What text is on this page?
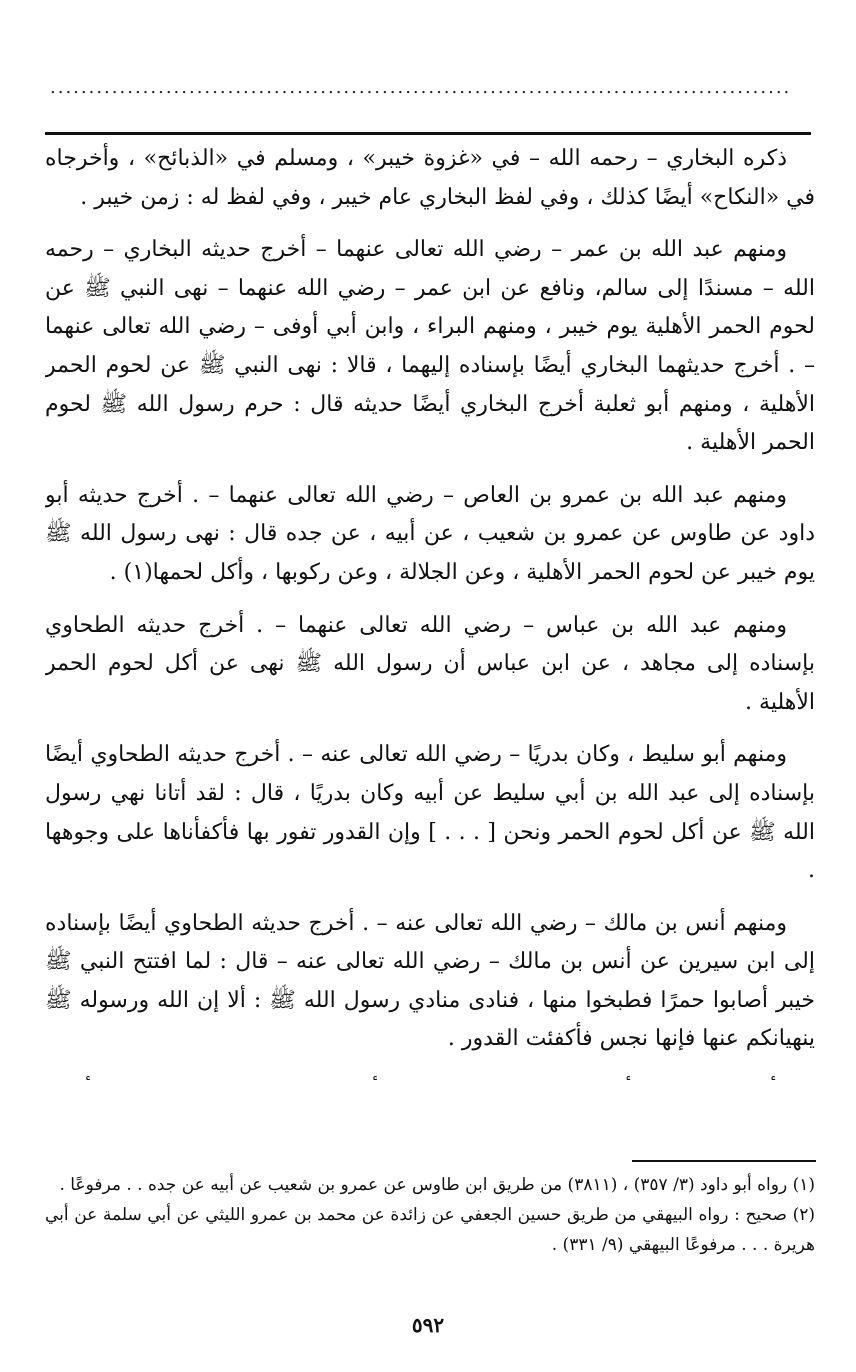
................................................................................................

ذكره البخاري – رحمه الله – في «غزوة خيبر» ، ومسلم في «الذبائح» ، وأخرجاه في «النكاح» أيضًا كذلك ، وفي لفظ البخاري عام خيبر ، وفي لفظ له : زمن خيبر .

ومنهم عبد الله بن عمر – رضي الله تعالى عنهما – أخرج حديثه البخاري – رحمه الله – مسندًا إلى سالم، ونافع عن ابن عمر – رضي الله عنهما – نهى النبي ﷺ عن لحوم الحمر الأهلية يوم خيبر ، ومنهم البراء ، وابن أبي أوفى – رضي الله تعالى عنهما – . أخرج حديثهما البخاري أيضًا بإسناده إليهما ، قالا : نهى النبي ﷺ عن لحوم الحمر الأهلية ، ومنهم أبو ثعلبة أخرج البخاري أيضًا حديثه قال : حرم رسول الله ﷺ لحوم الحمر الأهلية .

ومنهم عبد الله بن عمرو بن العاص – رضي الله تعالى عنهما – . أخرج حديثه أبو داود عن طاوس عن عمرو بن شعيب ، عن أبيه ، عن جده قال : نهى رسول الله ﷺ يوم خيبر عن لحوم الحمر الأهلية ، وعن الجلالة ، وعن ركوبها ، وأكل لحمها(١) .

ومنهم عبد الله بن عباس – رضي الله تعالى عنهما – . أخرج حديثه الطحاوي بإسناده إلى مجاهد ، عن ابن عباس أن رسول الله ﷺ نهى عن أكل لحوم الحمر الأهلية .

ومنهم أبو سليط ، وكان بدريًا – رضي الله تعالى عنه – . أخرج حديثه الطحاوي أيضًا بإسناده إلى عبد الله بن أبي سليط عن أبيه وكان بدريًا ، قال : لقد أتانا نهي رسول الله ﷺ عن أكل لحوم الحمر ونحن [ . . . ] وإن القدور تفور بها فأكفأناها على وجوهها .

ومنهم أنس بن مالك – رضي الله تعالى عنه – . أخرج حديثه الطحاوي أيضًا بإسناده إلى ابن سيرين عن أنس بن مالك – رضي الله تعالى عنه – قال : لما افتتح النبي ﷺ خيبر أصابوا حمرًا فطبخوا منها ، فنادى منادي رسول الله ﷺ : ألا إن الله ورسوله ﷺ ينهيانكم عنها فإنها نجس فأكفئت القدور .

(١) رواه أبو داود (٣/ ٣٥٧) ، (٣٨١١) من طريق ابن طاوس عن عمرو بن شعيب عن أبيه عن جده . . مرفوعًا .

(٢) صحيح : رواه البيهقي من طريق حسين الجعفي عن زائدة عن محمد بن عمرو الليثي عن أبي سلمة عن أبي هريرة . . . مرفوعًا البيهقي (٩/ ٣٣١) .

٥٩٢
